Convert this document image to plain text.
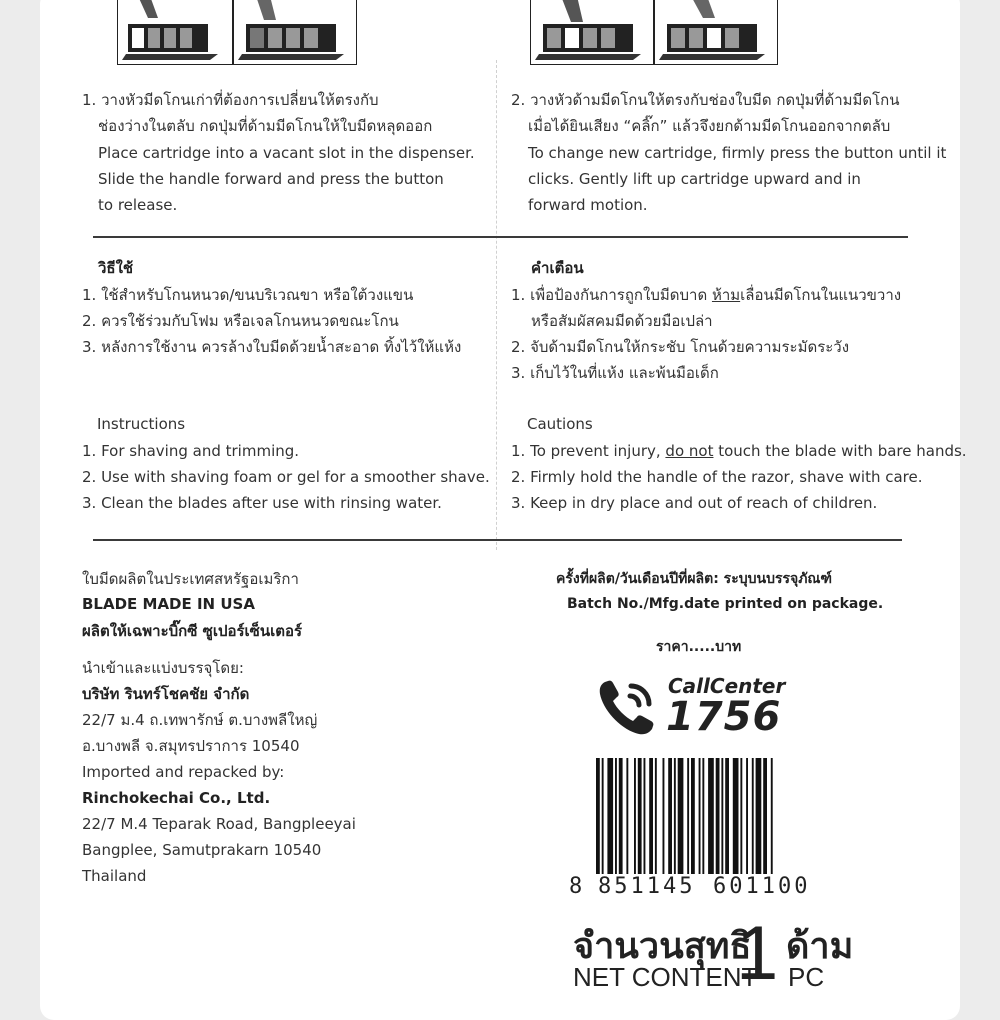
1. วางหัวมีดโกนเก่าที่ต้องการเปลี่ยนให้ตรงกับ
ช่องว่างในตลับ กดปุ่มที่ด้ามมีดโกนให้ใบมีดหลุดออก
Place cartridge into a vacant slot in the dispenser.
Slide the handle forward and press the button
to release.
2. วางหัวด้ามมีดโกนให้ตรงกับช่องใบมีด กดปุ่มที่ด้ามมีดโกน
เมื่อได้ยินเสียง “คลิ๊ก” แล้วจึงยกด้ามมีดโกนออกจากตลับ
To change new cartridge, firmly press the button until it
clicks. Gently lift up cartridge upward and in
forward motion.
วิธีใช้
1. ใช้สำหรับโกนหนวด/ขนบริเวณขา หรือใต้วงแขน
2. ควรใช้ร่วมกับโฟม หรือเจลโกนหนวดขณะโกน
3. หลังการใช้งาน ควรล้างใบมีดด้วยน้ำสะอาด ทิ้งไว้ให้แห้ง
คำเตือน
1. เพื่อป้องกันการถูกใบมีดบาด ห้ามเลื่อนมีดโกนในแนวขวาง
หรือสัมผัสคมมีดด้วยมือเปล่า
2. จับด้ามมีดโกนให้กระชับ โกนด้วยความระมัดระวัง
3. เก็บไว้ในที่แห้ง และพ้นมือเด็ก
Instructions
1. For shaving and trimming.
2. Use with shaving foam or gel for a smoother shave.
3. Clean the blades after use with rinsing water.
Cautions
1. To prevent injury, do not touch the blade with bare hands.
2. Firmly hold the handle of the razor, shave with care.
3. Keep in dry place and out of reach of children.
ใบมีดผลิตในประเทศสหรัฐอเมริกา
BLADE MADE IN USA
ผลิตให้เฉพาะบิ๊กซี ซูเปอร์เซ็นเตอร์
นำเข้าและแบ่งบรรจุโดย:
บริษัท รินทร์โชคชัย จำกัด
22/7 ม.4 ถ.เทพารักษ์ ต.บางพลีใหญ่
อ.บางพลี จ.สมุทรปราการ 10540
Imported and repacked by:
Rinchokechai Co., Ltd.
22/7 M.4 Teparak Road, Bangpleeyai
Bangplee, Samutprakarn 10540
Thailand
ครั้งที่ผลิต/วันเดือนปีที่ผลิต: ระบุบนบรรจุภัณฑ์
Batch No./Mfg.date printed on package.
ราคา.....บาท
CallCenter
1756
8 851145 601100
จำนวนสุทธิ
NET CONTENT
1 ด้าม
PC
